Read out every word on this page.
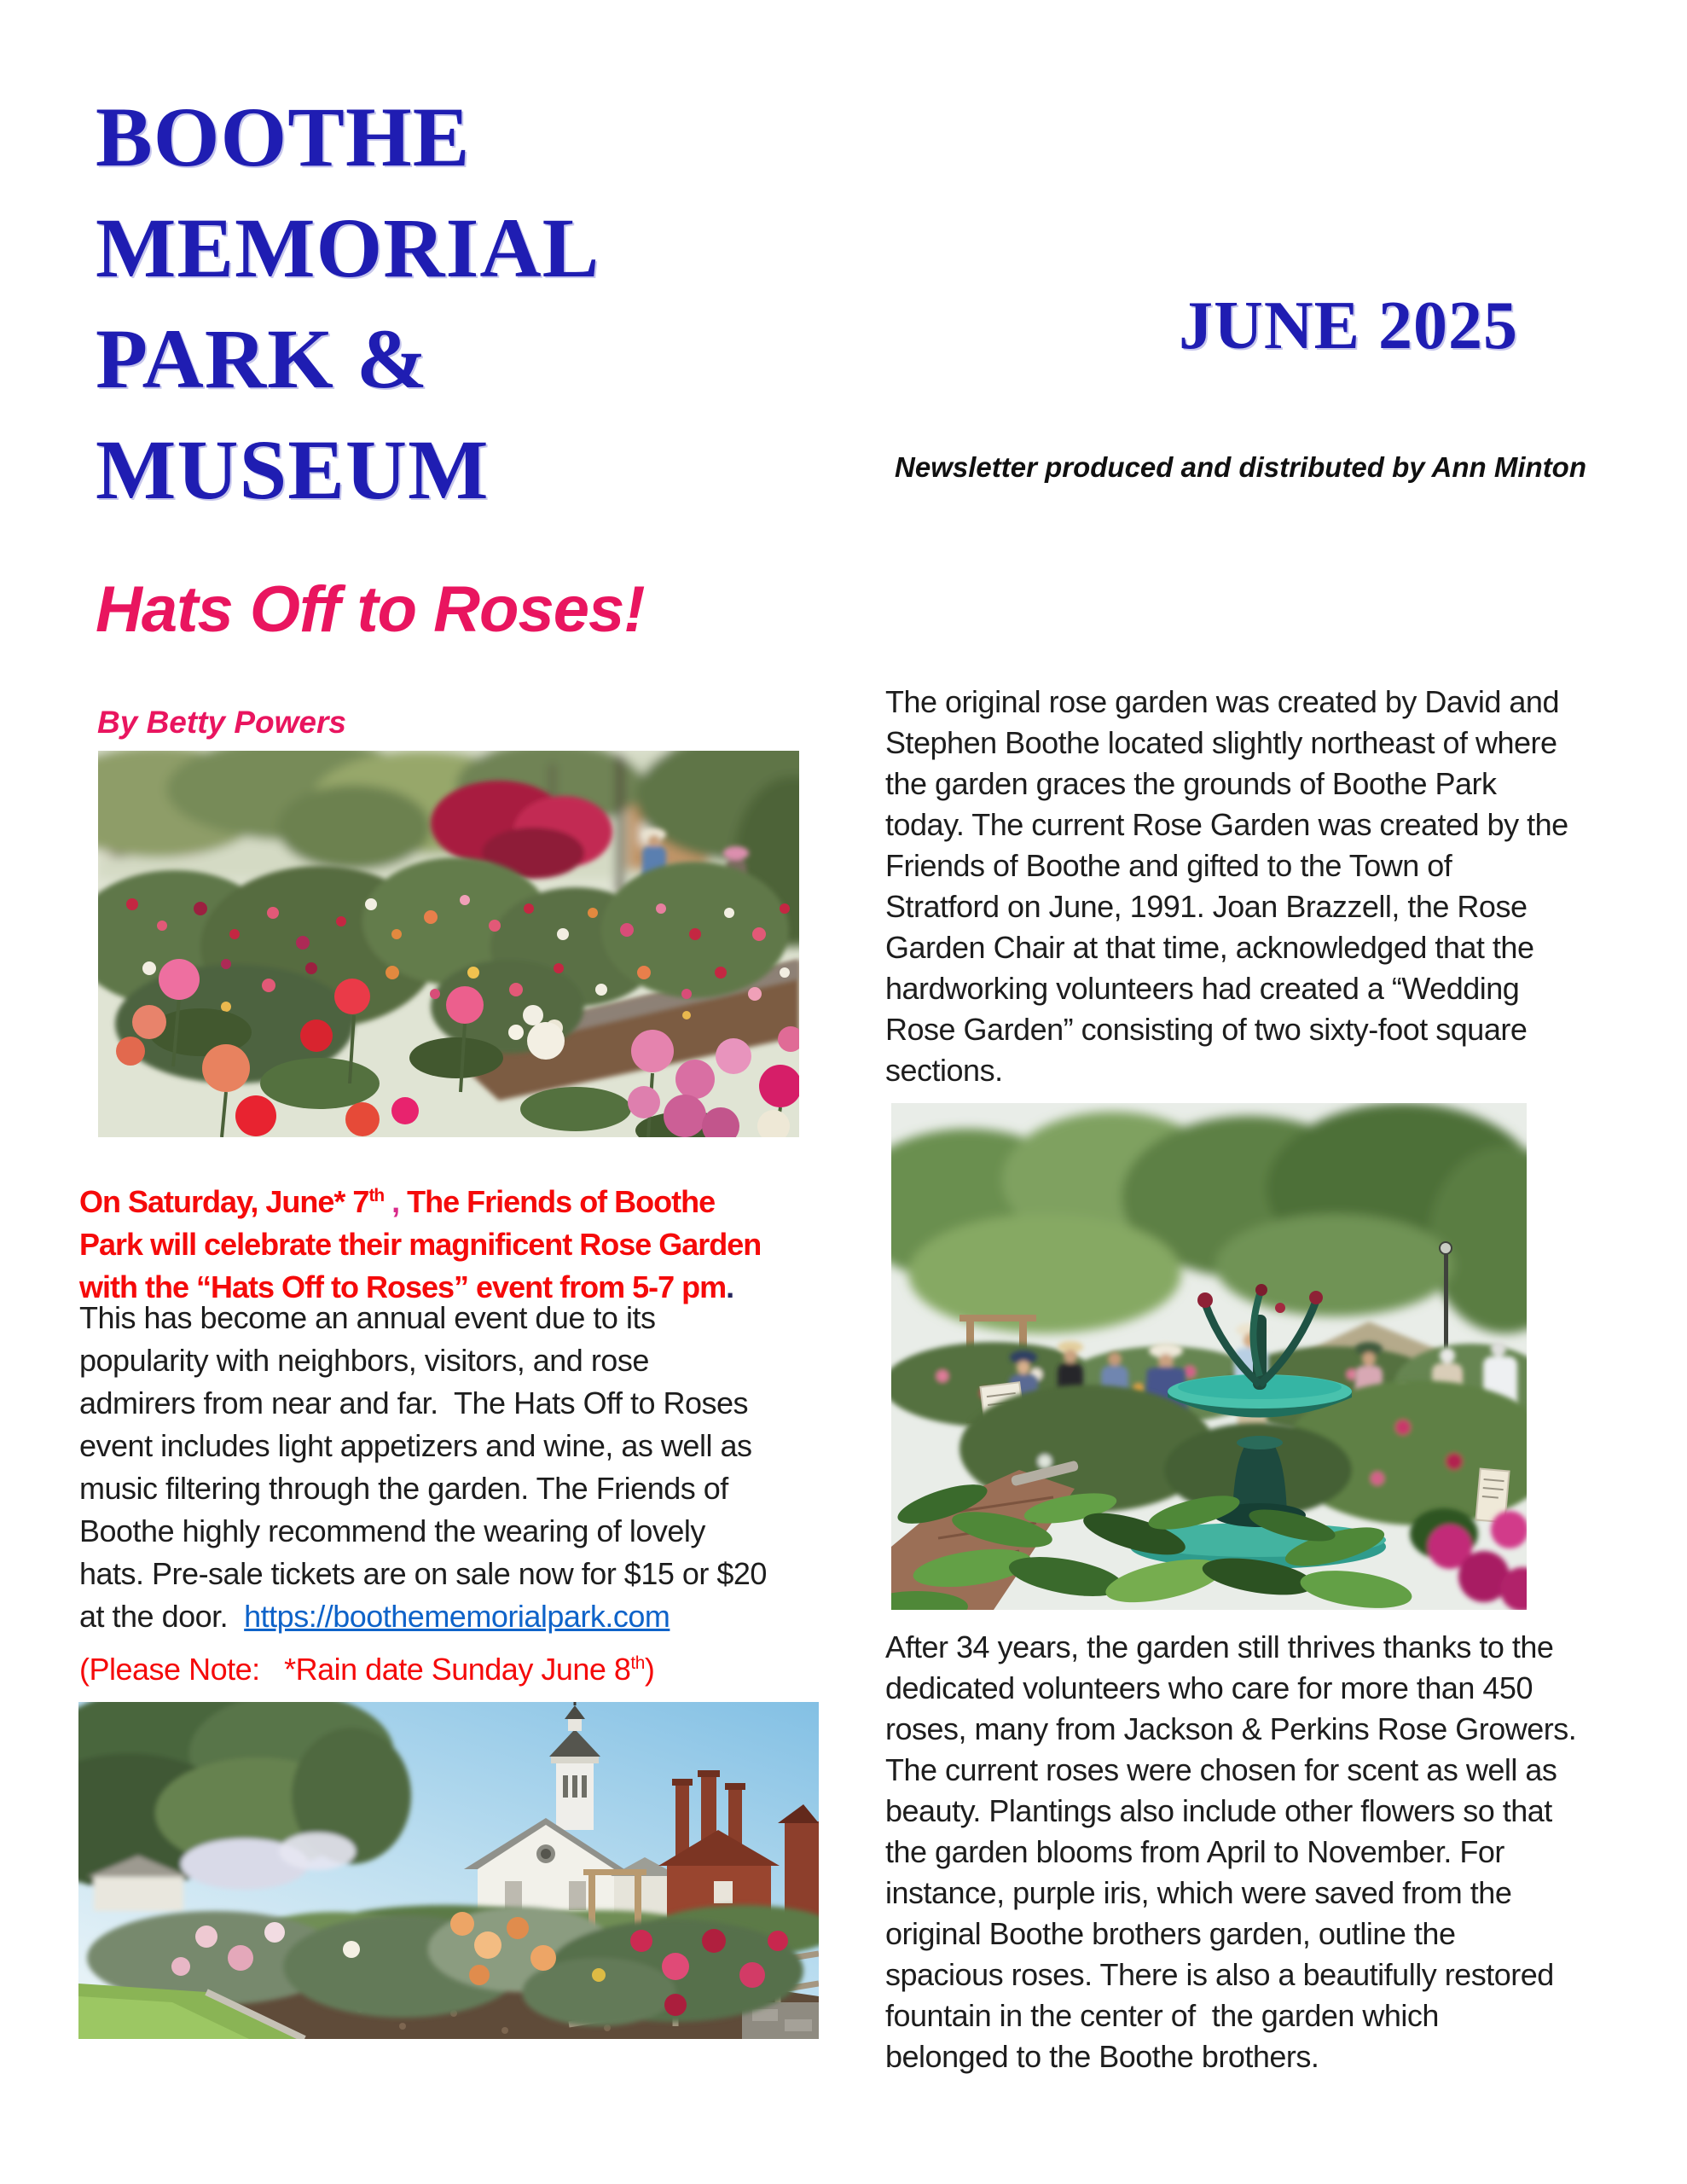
BOOTHE
MEMORIAL
PARK &
MUSEUM
JUNE 2025
Newsletter produced and distributed by Ann Minton
Hats Off to Roses!
By Betty Powers
On Saturday, June* 7th , The Friends of Boothe
Park will celebrate their magnificent Rose Garden
with the “Hats Off to Roses” event from 5-7 pm.
This has become an annual event due to its
popularity with neighbors, visitors, and rose
admirers from near and far.  The Hats Off to Roses
event includes light appetizers and wine, as well as
music filtering through the garden. The Friends of
Boothe highly recommend the wearing of lovely
hats. Pre-sale tickets are on sale now for $15 or $20
at the door.  https://boothememorialpark.com
(Please Note:   *Rain date Sunday June 8th)
The original rose garden was created by David and
Stephen Boothe located slightly northeast of where
the garden graces the grounds of Boothe Park
today. The current Rose Garden was created by the
Friends of Boothe and gifted to the Town of
Stratford on June, 1991. Joan Brazzell, the Rose
Garden Chair at that time, acknowledged that the
hardworking volunteers had created a “Wedding
Rose Garden” consisting of two sixty-foot square
sections.
After 34 years, the garden still thrives thanks to the
dedicated volunteers who care for more than 450
roses, many from Jackson & Perkins Rose Growers.
The current roses were chosen for scent as well as
beauty. Plantings also include other flowers so that
the garden blooms from April to November. For
instance, purple iris, which were saved from the
original Boothe brothers garden, outline the
spacious roses. There is also a beautifully restored
fountain in the center of  the garden which
belonged to the Boothe brothers.
